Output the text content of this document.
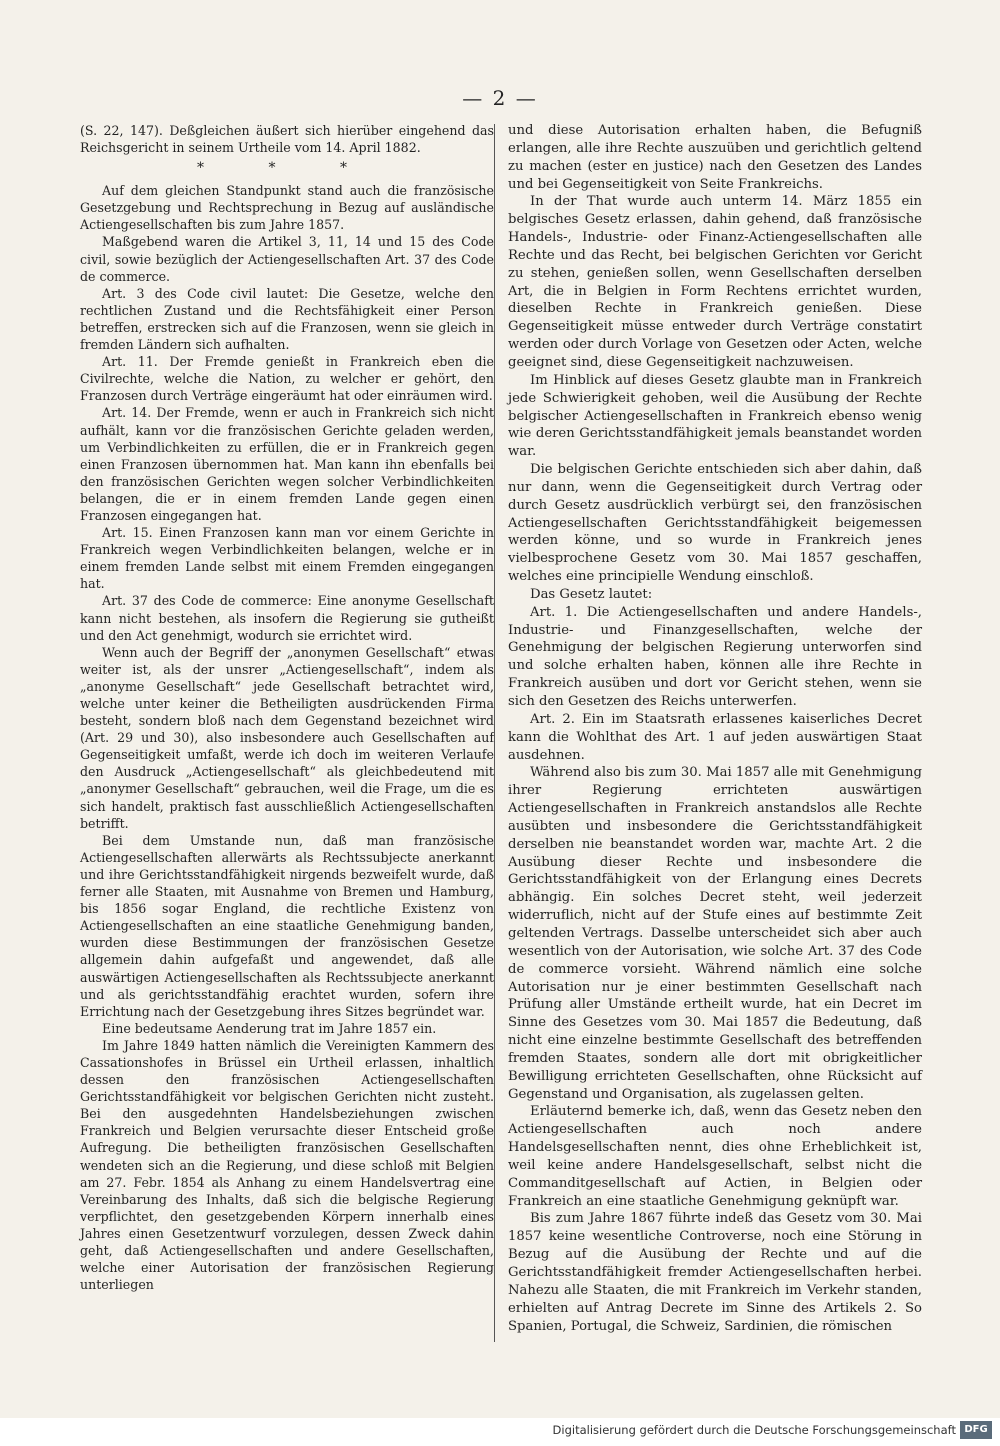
— 2 —

(S. 22, 147). Deßgleichen äußert sich hierüber eingehend das Reichsgericht in seinem Urtheile vom 14. April 1882.

* * *

Auf dem gleichen Standpunkt stand auch die französische Gesetzgebung und Rechtsprechung in Bezug auf ausländische Actiengesellschaften bis zum Jahre 1857.

Maßgebend waren die Artikel 3, 11, 14 und 15 des Code civil, sowie bezüglich der Actiengesellschaften Art. 37 des Code de commerce.

Art. 3 des Code civil lautet: Die Gesetze, welche den rechtlichen Zustand und die Rechtsfähigkeit einer Person betreffen, erstrecken sich auf die Franzosen, wenn sie gleich in fremden Ländern sich aufhalten.

Art. 11. Der Fremde genießt in Frankreich eben die Civilrechte, welche die Nation, zu welcher er gehört, den Franzosen durch Verträge eingeräumt hat oder einräumen wird.

Art. 14. Der Fremde, wenn er auch in Frankreich sich nicht aufhält, kann vor die französischen Gerichte geladen werden, um Verbindlichkeiten zu erfüllen, die er in Frankreich gegen einen Franzosen übernommen hat. Man kann ihn ebenfalls bei den französischen Gerichten wegen solcher Verbindlichkeiten belangen, die er in einem fremden Lande gegen einen Franzosen eingegangen hat.

Art. 15. Einen Franzosen kann man vor einem Gerichte in Frankreich wegen Verbindlichkeiten belangen, welche er in einem fremden Lande selbst mit einem Fremden eingegangen hat.

Art. 37 des Code de commerce: Eine anonyme Gesellschaft kann nicht bestehen, als insofern die Regierung sie gutheißt und den Act genehmigt, wodurch sie errichtet wird.

Wenn auch der Begriff der „anonymen Gesellschaft“ etwas weiter ist, als der unsrer „Actiengesellschaft“, indem als „anonyme Gesellschaft“ jede Gesellschaft betrachtet wird, welche unter keiner die Betheiligten ausdrückenden Firma besteht, sondern bloß nach dem Gegenstand bezeichnet wird (Art. 29 und 30), also insbesondere auch Gesellschaften auf Gegenseitigkeit umfaßt, werde ich doch im weiteren Verlaufe den Ausdruck „Actiengesellschaft“ als gleichbedeutend mit „anonymer Gesellschaft“ gebrauchen, weil die Frage, um die es sich handelt, praktisch fast ausschließlich Actiengesellschaften betrifft.

Bei dem Umstande nun, daß man französische Actiengesellschaften allerwärts als Rechtssubjecte anerkannt und ihre Gerichtsstandfähigkeit nirgends bezweifelt wurde, daß ferner alle Staaten, mit Ausnahme von Bremen und Hamburg, bis 1856 sogar England, die rechtliche Existenz von Actiengesellschaften an eine staatliche Genehmigung banden, wurden diese Bestimmungen der französischen Gesetze allgemein dahin aufgefaßt und angewendet, daß alle auswärtigen Actiengesellschaften als Rechtssubjecte anerkannt und als gerichtsstandfähig erachtet wurden, sofern ihre Errichtung nach der Gesetzgebung ihres Sitzes begründet war.

Eine bedeutsame Aenderung trat im Jahre 1857 ein.

Im Jahre 1849 hatten nämlich die Vereinigten Kammern des Cassationshofes in Brüssel ein Urtheil erlassen, inhaltlich dessen den französischen Actiengesellschaften Gerichtsstandfähigkeit vor belgischen Gerichten nicht zusteht. Bei den ausgedehnten Handelsbeziehungen zwischen Frankreich und Belgien verursachte dieser Entscheid große Aufregung. Die betheiligten französischen Gesellschaften wendeten sich an die Regierung, und diese schloß mit Belgien am 27. Febr. 1854 als Anhang zu einem Handelsvertrag eine Vereinbarung des Inhalts, daß sich die belgische Regierung verpflichtet, den gesetzgebenden Körpern innerhalb eines Jahres einen Gesetzentwurf vorzulegen, dessen Zweck dahin geht, daß Actiengesellschaften und andere Gesellschaften, welche einer Autorisation der französischen Regierung unterliegen

und diese Autorisation erhalten haben, die Befugniß erlangen, alle ihre Rechte auszuüben und gerichtlich geltend zu machen (ester en justice) nach den Gesetzen des Landes und bei Gegenseitigkeit von Seite Frankreichs.

In der That wurde auch unterm 14. März 1855 ein belgisches Gesetz erlassen, dahin gehend, daß französische Handels-, Industrie- oder Finanz-Actiengesellschaften alle Rechte und das Recht, bei belgischen Gerichten vor Gericht zu stehen, genießen sollen, wenn Gesellschaften derselben Art, die in Belgien in Form Rechtens errichtet wurden, dieselben Rechte in Frankreich genießen. Diese Gegenseitigkeit müsse entweder durch Verträge constatirt werden oder durch Vorlage von Gesetzen oder Acten, welche geeignet sind, diese Gegenseitigkeit nachzuweisen.

Im Hinblick auf dieses Gesetz glaubte man in Frankreich jede Schwierigkeit gehoben, weil die Ausübung der Rechte belgischer Actiengesellschaften in Frankreich ebenso wenig wie deren Gerichtsstandfähigkeit jemals beanstandet worden war.

Die belgischen Gerichte entschieden sich aber dahin, daß nur dann, wenn die Gegenseitigkeit durch Vertrag oder durch Gesetz ausdrücklich verbürgt sei, den französischen Actiengesellschaften Gerichtsstandfähigkeit beigemessen werden könne, und so wurde in Frankreich jenes vielbesprochene Gesetz vom 30. Mai 1857 geschaffen, welches eine principielle Wendung einschloß.

Das Gesetz lautet:

Art. 1. Die Actiengesellschaften und andere Handels-, Industrie- und Finanzgesellschaften, welche der Genehmigung der belgischen Regierung unterworfen sind und solche erhalten haben, können alle ihre Rechte in Frankreich ausüben und dort vor Gericht stehen, wenn sie sich den Gesetzen des Reichs unterwerfen.

Art. 2. Ein im Staatsrath erlassenes kaiserliches Decret kann die Wohlthat des Art. 1 auf jeden auswärtigen Staat ausdehnen.

Während also bis zum 30. Mai 1857 alle mit Genehmigung ihrer Regierung errichteten auswärtigen Actiengesellschaften in Frankreich anstandslos alle Rechte ausübten und insbesondere die Gerichtsstandfähigkeit derselben nie beanstandet worden war, machte Art. 2 die Ausübung dieser Rechte und insbesondere die Gerichtsstandfähigkeit von der Erlangung eines Decrets abhängig. Ein solches Decret steht, weil jederzeit widerruflich, nicht auf der Stufe eines auf bestimmte Zeit geltenden Vertrags. Dasselbe unterscheidet sich aber auch wesentlich von der Autorisation, wie solche Art. 37 des Code de commerce vorsieht. Während nämlich eine solche Autorisation nur je einer bestimmten Gesellschaft nach Prüfung aller Umstände ertheilt wurde, hat ein Decret im Sinne des Gesetzes vom 30. Mai 1857 die Bedeutung, daß nicht eine einzelne bestimmte Gesellschaft des betreffenden fremden Staates, sondern alle dort mit obrigkeitlicher Bewilligung errichteten Gesellschaften, ohne Rücksicht auf Gegenstand und Organisation, als zugelassen gelten.

Erläuternd bemerke ich, daß, wenn das Gesetz neben den Actiengesellschaften auch noch andere Handelsgesellschaften nennt, dies ohne Erheblichkeit ist, weil keine andere Handelsgesellschaft, selbst nicht die Commanditgesellschaft auf Actien, in Belgien oder Frankreich an eine staatliche Genehmigung geknüpft war.

Bis zum Jahre 1867 führte indeß das Gesetz vom 30. Mai 1857 keine wesentliche Controverse, noch eine Störung in Bezug auf die Ausübung der Rechte und auf die Gerichtsstandfähigkeit fremder Actiengesellschaften herbei. Nahezu alle Staaten, die mit Frankreich im Verkehr standen, erhielten auf Antrag Decrete im Sinne des Artikels 2. So Spanien, Portugal, die Schweiz, Sardinien, die römischen

Digitalisierung gefördert durch die Deutsche Forschungsgemeinschaft DFG
